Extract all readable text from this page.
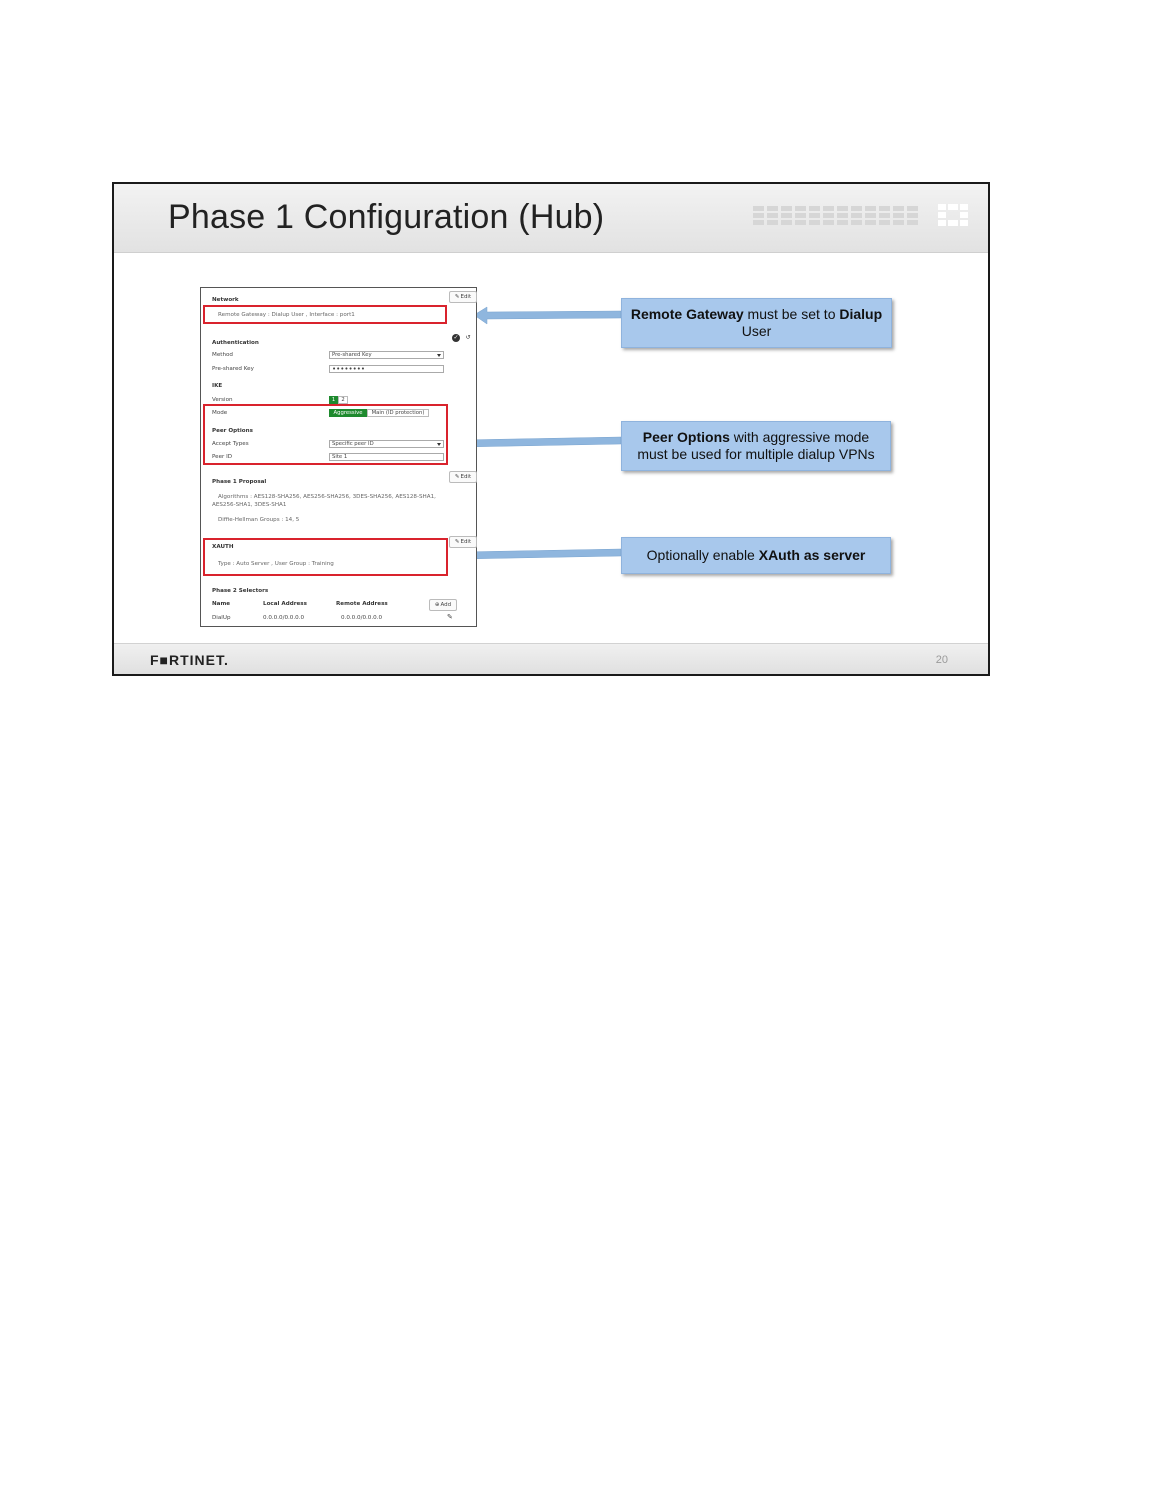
Phase 1 Configuration (Hub)
✎ Edit
Network
Remote Gateway : Dialup User , Interface : port1
✓ ↺
Authentication
Method	Pre-shared Key
Pre-shared Key	••••••••
IKE
Version	1	2
Mode	Aggressive	Main (ID protection)
Peer Options
Accept Types	Specific peer ID
Peer ID	Site 1
✎ Edit
Phase 1 Proposal
Algorithms : AES128-SHA256, AES256-SHA256, 3DES-SHA256, AES128-SHA1,
AES256-SHA1, 3DES-SHA1
Diffie-Hellman Groups : 14, 5
✎ Edit
XAUTH
Type : Auto Server , User Group : Training
Phase 2 Selectors
Name	Local Address	Remote Address	⊕ Add
DialUp	0.0.0.0/0.0.0.0	0.0.0.0/0.0.0.0	✎
Remote Gateway must be set to Dialup
User
Peer Options with aggressive mode
must be used for multiple dialup VPNs
Optionally enable XAuth as server
F■RTINET.	20
